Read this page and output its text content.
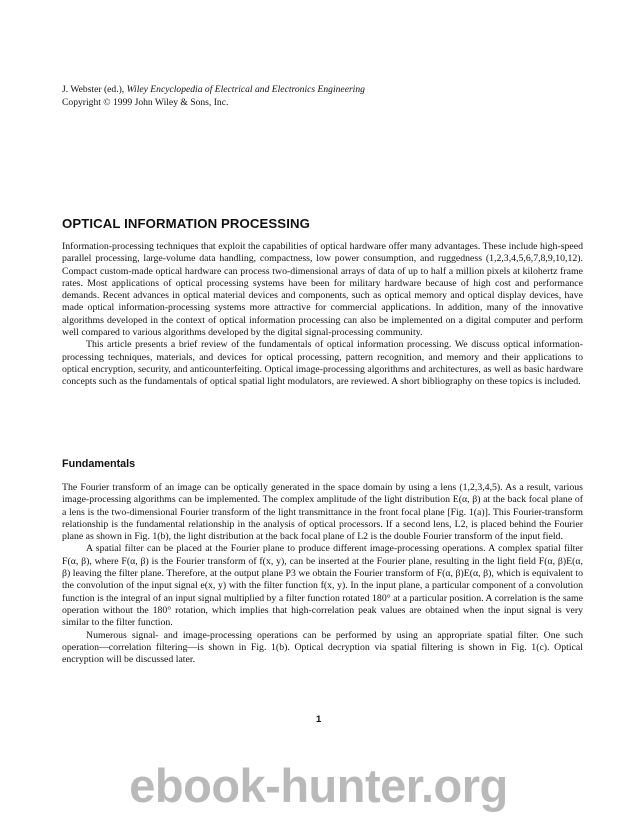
J. Webster (ed.), Wiley Encyclopedia of Electrical and Electronics Engineering
Copyright © 1999 John Wiley & Sons, Inc.
OPTICAL INFORMATION PROCESSING

Information-processing techniques that exploit the capabilities of optical hardware offer many advantages. These include high-speed parallel processing, large-volume data handling, compactness, low power consumption, and ruggedness (1,2,3,4,5,6,7,8,9,10,12). Compact custom-made optical hardware can process two-dimensional arrays of data of up to half a million pixels at kilohertz frame rates. Most applications of optical processing systems have been for military hardware because of high cost and performance demands. Recent advances in optical material devices and components, such as optical memory and optical display devices, have made optical information-processing systems more attractive for commercial applications. In addition, many of the innovative algorithms developed in the context of optical information processing can also be implemented on a digital computer and perform well compared to various algorithms developed by the digital signal-processing community.

This article presents a brief review of the fundamentals of optical information processing. We discuss optical information-processing techniques, materials, and devices for optical processing, pattern recognition, and memory and their applications to optical encryption, security, and anticounterfeiting. Optical image-processing algorithms and architectures, as well as basic hardware concepts such as the fundamentals of optical spatial light modulators, are reviewed. A short bibliography on these topics is included.

Fundamentals

The Fourier transform of an image can be optically generated in the space domain by using a lens (1,2,3,4,5). As a result, various image-processing algorithms can be implemented. The complex amplitude of the light distribution E(α, β) at the back focal plane of a lens is the two-dimensional Fourier transform of the light transmittance in the front focal plane [Fig. 1(a)]. This Fourier-transform relationship is the fundamental relationship in the analysis of optical processors. If a second lens, L2, is placed behind the Fourier plane as shown in Fig. 1(b), the light distribution at the back focal plane of L2 is the double Fourier transform of the input field.

A spatial filter can be placed at the Fourier plane to produce different image-processing operations. A complex spatial filter F(α, β), where F(α, β) is the Fourier transform of f(x, y), can be inserted at the Fourier plane, resulting in the light field F(α, β)E(α, β) leaving the filter plane. Therefore, at the output plane P3 we obtain the Fourier transform of F(α, β)E(α, β), which is equivalent to the convolution of the input signal e(x, y) with the filter function f(x, y). In the input plane, a particular component of a convolution function is the integral of an input signal multiplied by a filter function rotated 180° at a particular position. A correlation is the same operation without the 180° rotation, which implies that high-correlation peak values are obtained when the input signal is very similar to the filter function.

Numerous signal- and image-processing operations can be performed by using an appropriate spatial filter. One such operation—correlation filtering—is shown in Fig. 1(b). Optical decryption via spatial filtering is shown in Fig. 1(c). Optical encryption will be discussed later.

1
ebook-hunter.org
